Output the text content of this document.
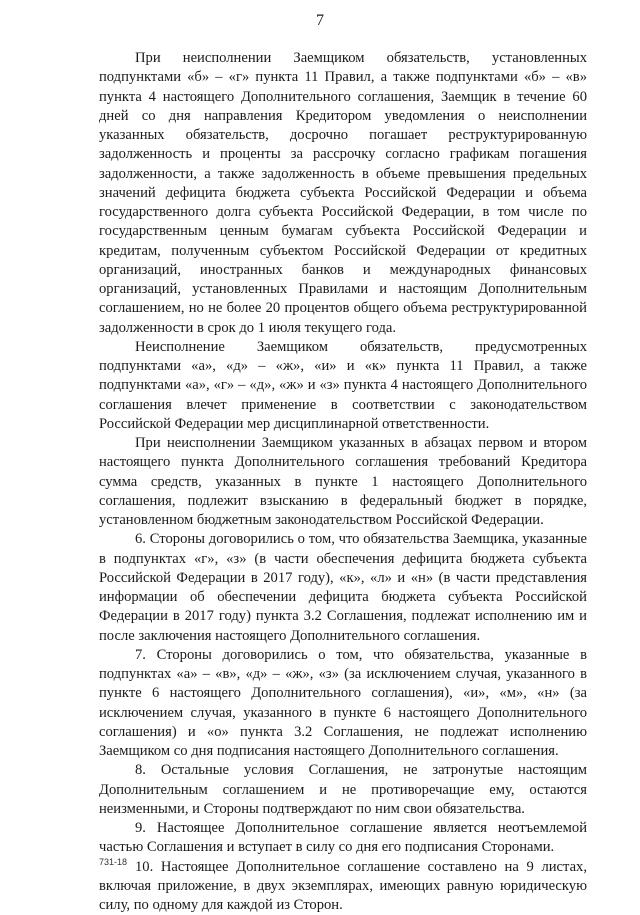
7

При неисполнении Заемщиком обязательств, установленных подпунктами «б» – «г» пункта 11 Правил, а также подпунктами «б» – «в» пункта 4 настоящего Дополнительного соглашения, Заемщик в течение 60 дней со дня направления Кредитором уведомления о неисполнении указанных обязательств, досрочно погашает реструктурированную задолженность и проценты за рассрочку согласно графикам погашения задолженности, а также задолженность в объеме превышения предельных значений дефицита бюджета субъекта Российской Федерации и объема государственного долга субъекта Российской Федерации, в том числе по государственным ценным бумагам субъекта Российской Федерации и кредитам, полученным субъектом Российской Федерации от кредитных организаций, иностранных банков и международных финансовых организаций, установленных Правилами и настоящим Дополнительным соглашением, но не более 20 процентов общего объема реструктурированной задолженности в срок до 1 июля текущего года.

Неисполнение Заемщиком обязательств, предусмотренных подпунктами «а», «д» – «ж», «и» и «к» пункта 11 Правил, а также подпунктами «а», «г» – «д», «ж» и «з» пункта 4 настоящего Дополнительного соглашения влечет применение в соответствии с законодательством Российской Федерации мер дисциплинарной ответственности.

При неисполнении Заемщиком указанных в абзацах первом и втором настоящего пункта Дополнительного соглашения требований Кредитора сумма средств, указанных в пункте 1 настоящего Дополнительного соглашения, подлежит взысканию в федеральный бюджет в порядке, установленном бюджетным законодательством Российской Федерации.

6. Стороны договорились о том, что обязательства Заемщика, указанные в подпунктах «г», «з» (в части обеспечения дефицита бюджета субъекта Российской Федерации в 2017 году), «к», «л» и «н» (в части представления информации об обеспечении дефицита бюджета субъекта Российской Федерации в 2017 году) пункта 3.2 Соглашения, подлежат исполнению им и после заключения настоящего Дополнительного соглашения.

7. Стороны договорились о том, что обязательства, указанные в подпунктах «а» – «в», «д» – «ж», «з» (за исключением случая, указанного в пункте 6 настоящего Дополнительного соглашения), «и», «м», «н» (за исключением случая, указанного в пункте 6 настоящего Дополнительного соглашения) и «о» пункта 3.2 Соглашения, не подлежат исполнению Заемщиком со дня подписания настоящего Дополнительного соглашения.

8. Остальные условия Соглашения, не затронутые настоящим Дополнительным соглашением и не противоречащие ему, остаются неизменными, и Стороны подтверждают по ним свои обязательства.

9. Настоящее Дополнительное соглашение является неотъемлемой частью Соглашения и вступает в силу со дня его подписания Сторонами.

10. Настоящее Дополнительное соглашение составлено на 9 листах, включая приложение, в двух экземплярах, имеющих равную юридическую силу, по одному для каждой из Сторон.

731-18
